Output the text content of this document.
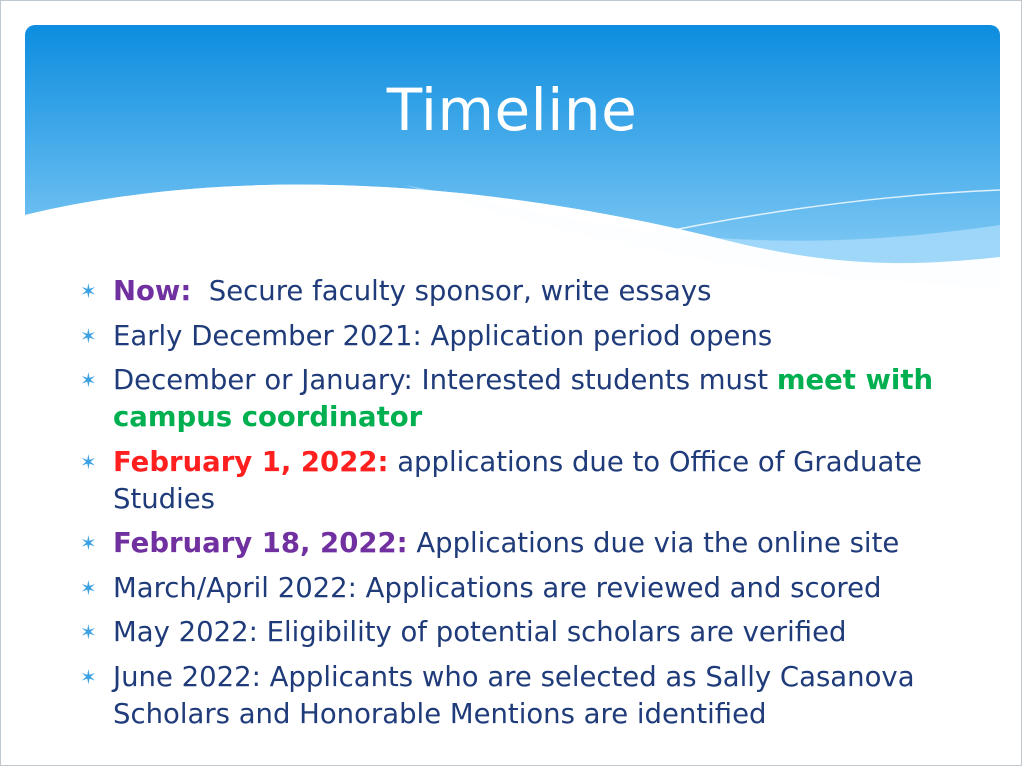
Timeline
✶ Now:  Secure faculty sponsor, write essays
✶ Early December 2021: Application period opens
✶ December or January: Interested students must meet with campus coordinator
✶ February 1, 2022: applications due to Office of Graduate Studies
✶ February 18, 2022: Applications due via the online site
✶ March/April 2022: Applications are reviewed and scored
✶ May 2022: Eligibility of potential scholars are verified
✶ June 2022: Applicants who are selected as Sally Casanova Scholars and Honorable Mentions are identified
